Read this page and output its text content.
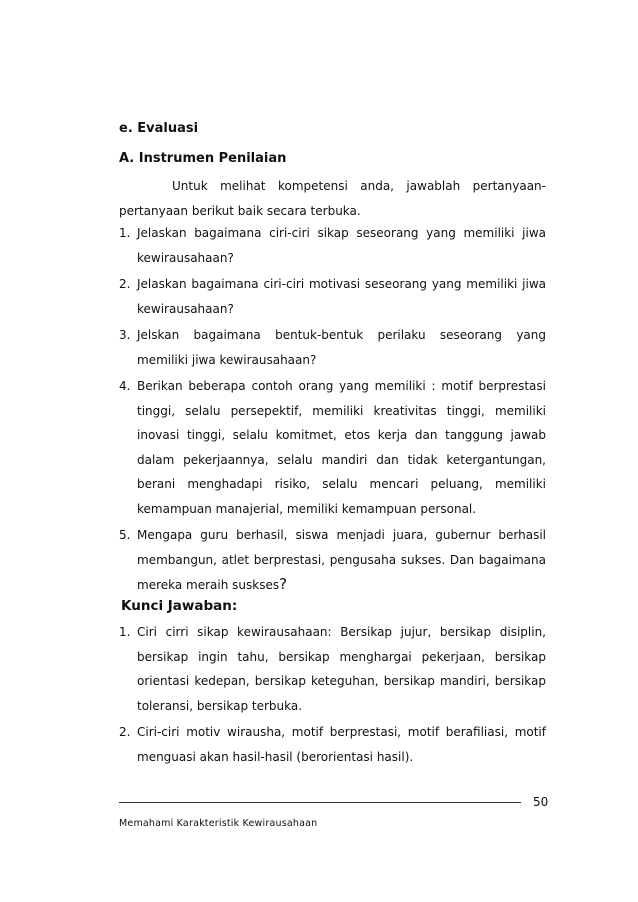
e. Evaluasi
A. Instrumen Penilaian
Untuk melihat kompetensi anda, jawablah pertanyaan-pertanyaan berikut baik secara terbuka.
1. Jelaskan bagaimana ciri-ciri sikap seseorang yang memiliki jiwa kewirausahaan?
2. Jelaskan bagaimana ciri-ciri motivasi seseorang yang memiliki jiwa kewirausahaan?
3. Jelskan bagaimana bentuk-bentuk perilaku seseorang yang memiliki jiwa kewirausahaan?
4. Berikan beberapa contoh orang yang memiliki : motif berprestasi tinggi, selalu persepektif, memiliki kreativitas tinggi, memiliki inovasi tinggi, selalu komitmet, etos kerja dan tanggung jawab dalam pekerjaannya, selalu mandiri dan tidak ketergantungan, berani menghadapi risiko, selalu mencari peluang, memiliki kemampuan manajerial, memiliki kemampuan personal.
5. Mengapa guru berhasil, siswa menjadi juara, gubernur berhasil membangun, atlet berprestasi, pengusaha sukses. Dan bagaimana mereka meraih suskses?
Kunci Jawaban:
1. Ciri cirri sikap kewirausahaan: Bersikap jujur, bersikap disiplin, bersikap ingin tahu, bersikap menghargai pekerjaan, bersikap orientasi kedepan, bersikap keteguhan, bersikap mandiri, bersikap toleransi, bersikap terbuka.
2. Ciri-ciri motiv wirausha, motif berprestasi, motif berafiliasi, motif menguasi akan hasil-hasil (berorientasi hasil).
50
Memahami Karakteristik Kewirausahaan
